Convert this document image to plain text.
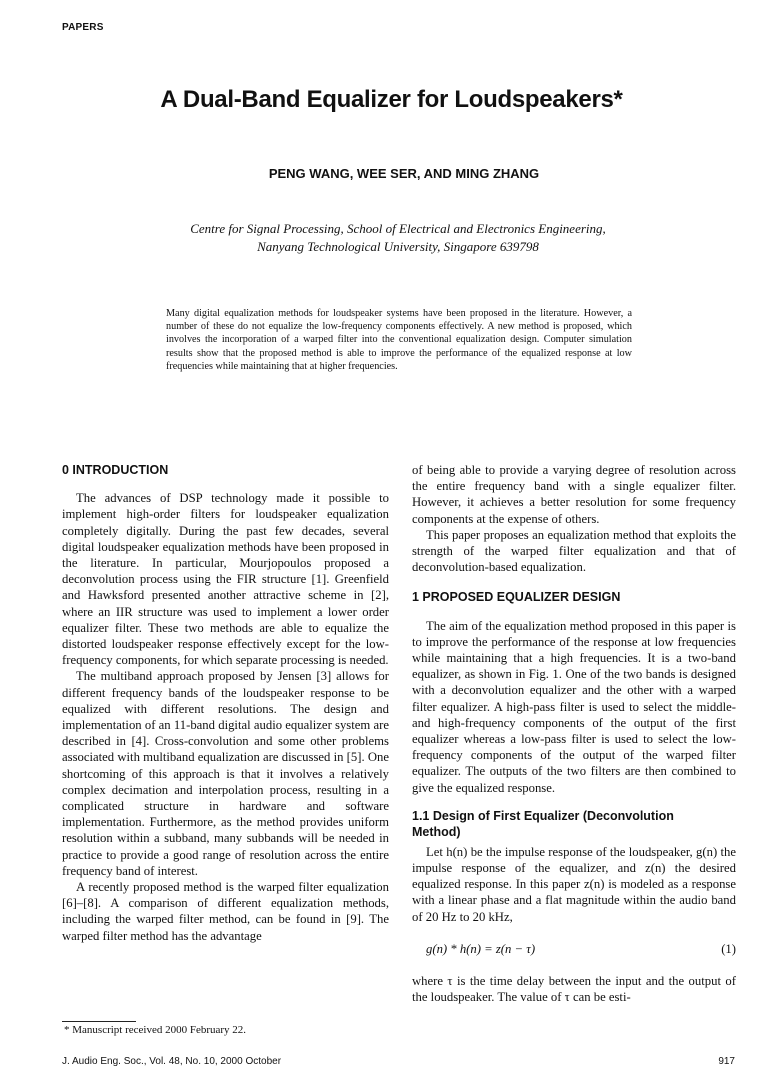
PAPERS
A Dual-Band Equalizer for Loudspeakers*
PENG WANG, WEE SER, AND MING ZHANG
Centre for Signal Processing, School of Electrical and Electronics Engineering,
Nanyang Technological University, Singapore 639798
Many digital equalization methods for loudspeaker systems have been proposed in the literature. However, a number of these do not equalize the low-frequency components effectively. A new method is proposed, which involves the incorporation of a warped filter into the conventional equalization design. Computer simulation results show that the proposed method is able to improve the performance of the equalized response at low frequencies while maintaining that at higher frequencies.
0 INTRODUCTION

The advances of DSP technology made it possible to implement high-order filters for loudspeaker equalization completely digitally. During the past few decades, several digital loudspeaker equalization methods have been proposed in the literature. In particular, Mourjopoulos proposed a deconvolution process using the FIR structure [1]. Greenfield and Hawksford presented another attractive scheme in [2], where an IIR structure was used to implement a lower order equalizer filter. These two methods are able to equalize the distorted loudspeaker response effectively except for the low-frequency components, for which separate processing is needed.

The multiband approach proposed by Jensen [3] allows for different frequency bands of the loudspeaker response to be equalized with different resolutions. The design and implementation of an 11-band digital audio equalizer system are described in [4]. Cross-convolution and some other problems associated with multiband equalization are discussed in [5]. One shortcoming of this approach is that it involves a relatively complex decimation and interpolation process, resulting in a complicated structure in hardware and software implementation. Furthermore, as the method provides uniform resolution within a subband, many subbands will be needed in practice to provide a good range of resolution across the entire frequency band of interest.

A recently proposed method is the warped filter equalization [6]–[8]. A comparison of different equalization methods, including the warped filter method, can be found in [9]. The warped filter method has the advantage

of being able to provide a varying degree of resolution across the entire frequency band with a single equalizer filter. However, it achieves a better resolution for some frequency components at the expense of others.

This paper proposes an equalization method that exploits the strength of the warped filter equalization and that of deconvolution-based equalization.

1 PROPOSED EQUALIZER DESIGN

The aim of the equalization method proposed in this paper is to improve the performance of the response at low frequencies while maintaining that a high frequencies. It is a two-band equalizer, as shown in Fig. 1. One of the two bands is designed with a deconvolution equalizer and the other with a warped filter equalizer. A high-pass filter is used to select the middle- and high-frequency components of the output of the first equalizer whereas a low-pass filter is used to select the low-frequency components of the output of the warped filter equalizer. The outputs of the two filters are then combined to give the equalized response.

1.1 Design of First Equalizer (Deconvolution
Method)

Let h(n) be the impulse response of the loudspeaker, g(n) the impulse response of the equalizer, and z(n) the desired equalized response. In this paper z(n) is modeled as a response with a linear phase and a flat magnitude within the audio band of 20 Hz to 20 kHz,

g(n) * h(n) = z(n − τ)	(1)

where τ is the time delay between the input and the output of the loudspeaker. The value of τ can be esti-

* Manuscript received 2000 February 22.
J. Audio Eng. Soc., Vol. 48, No. 10, 2000 October	917
